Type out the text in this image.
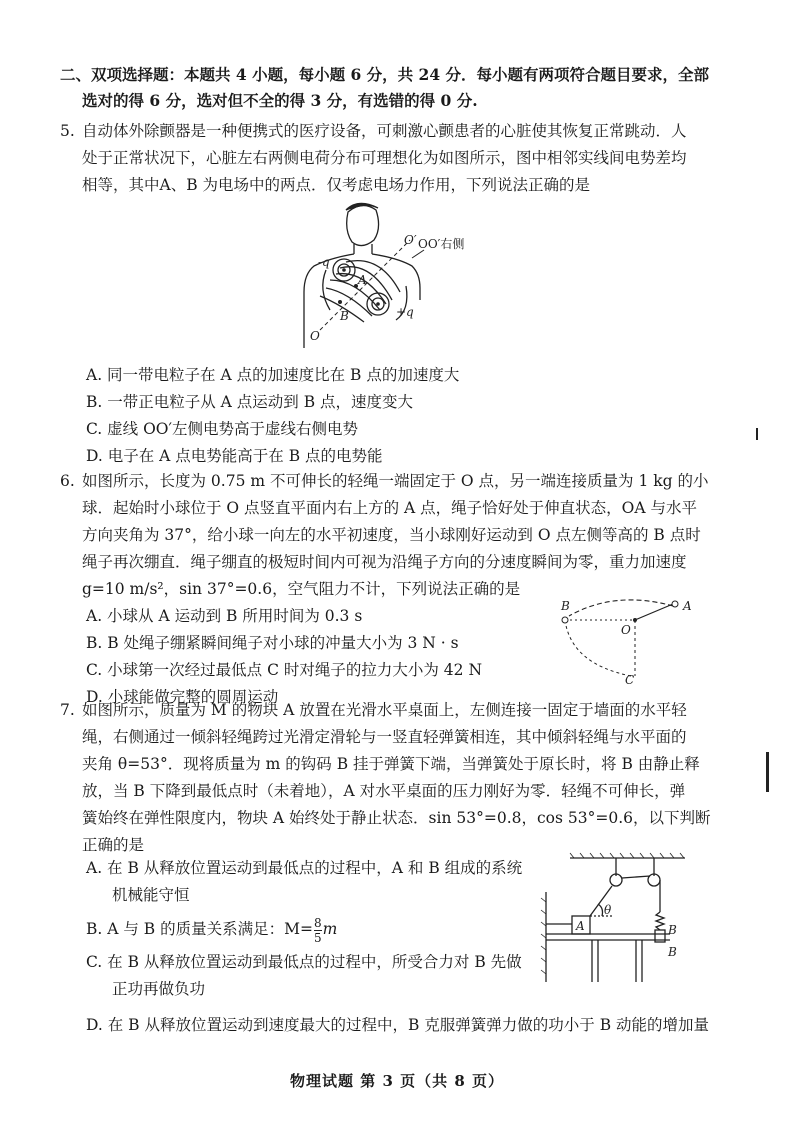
二、双项选择题：本题共 4 小题，每小题 6 分，共 24 分．每小题有两项符合题目要求，全部
选对的得 6 分，选对但不全的得 3 分，有选错的得 0 分.
5. 自动体外除颤器是一种便携式的医疗设备，可刺激心颤患者的心脏使其恢复正常跳动．人
处于正常状况下，心脏左右两侧电荷分布可理想化为如图所示，图中相邻实线间电势差均
相等，其中A、B 为电场中的两点．仅考虑电场力作用，下列说法正确的是
O′ OO′右侧
-q
+q
A
B
O
A. 同一带电粒子在 A 点的加速度比在 B 点的加速度大
B. 一带正电粒子从 A 点运动到 B 点，速度变大
C. 虚线 OO′左侧电势高于虚线右侧电势
D. 电子在 A 点电势能高于在 B 点的电势能
6. 如图所示，长度为 0.75 m 不可伸长的轻绳一端固定于 O 点，另一端连接质量为 1 kg 的小
球．起始时小球位于 O 点竖直平面内右上方的 A 点，绳子恰好处于伸直状态，OA 与水平
方向夹角为 37°，给小球一向左的水平初速度，当小球刚好运动到 O 点左侧等高的 B 点时
绳子再次绷直．绳子绷直的极短时间内可视为沿绳子方向的分速度瞬间为零，重力加速度
g=10 m/s²，sin 37°=0.6，空气阻力不计，下列说法正确的是
A. 小球从 A 运动到 B 所用时间为 0.3 s
B. B 处绳子绷紧瞬间绳子对小球的冲量大小为 3 N · s
C. 小球第一次经过最低点 C 时对绳子的拉力大小为 42 N
D. 小球能做完整的圆周运动
B
O
C
A
7. 如图所示，质量为 M 的物块 A 放置在光滑水平桌面上，左侧连接一固定于墙面的水平轻
绳，右侧通过一倾斜轻绳跨过光滑定滑轮与一竖直轻弹簧相连，其中倾斜轻绳与水平面的
夹角 θ=53°．现将质量为 m 的钩码 B 挂于弹簧下端，当弹簧处于原长时，将 B 由静止释
放，当 B 下降到最低点时（未着地），A 对水平桌面的压力刚好为零．轻绳不可伸长，弹
簧始终在弹性限度内，物块 A 始终处于静止状态．sin 53°=0.8，cos 53°=0.6，以下判断
正确的是
A. 在 B 从释放位置运动到最低点的过程中，A 和 B 组成的系统
机械能守恒
B. A 与 B 的质量关系满足：$M= \frac{8}{5}$ m
C. 在 B 从释放位置运动到最低点的过程中，所受合力对 B 先做
正功再做负功
D. 在 B 从释放位置运动到速度最大的过程中，B 克服弹簧弹力做的功小于 B 动能的增加量
θ
A	B
B
物理试题 第 3 页（共 8 页）
